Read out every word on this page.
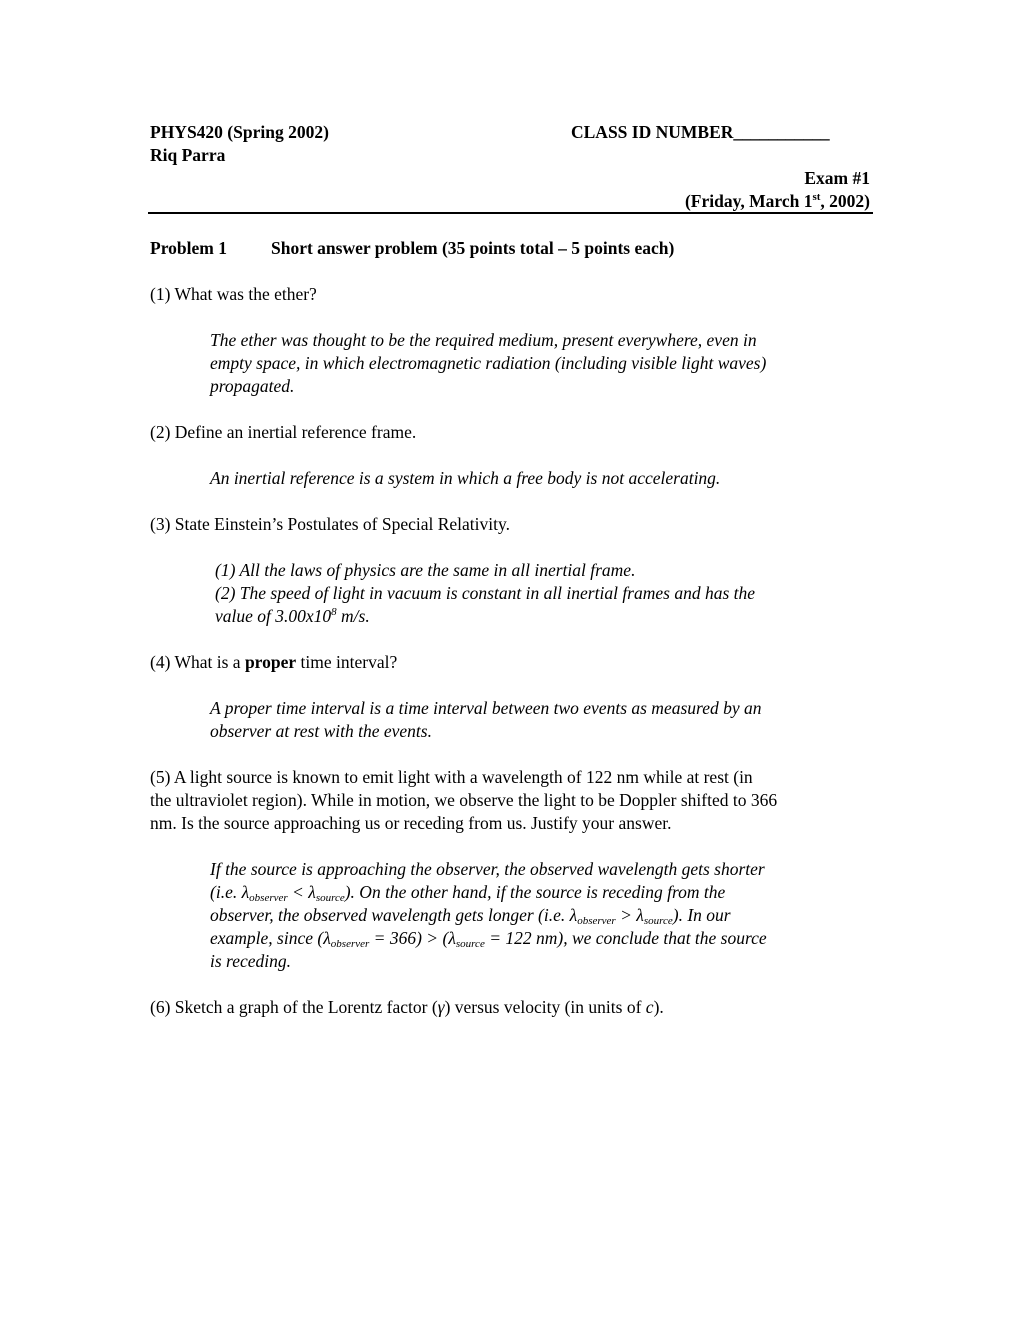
PHYS420 (Spring 2002)	CLASS ID NUMBER___________
Riq Parra
Exam #1
(Friday, March 1st, 2002)
Problem 1	Short answer problem (35 points total – 5 points each)
(1) What was the ether?
The ether was thought to be the required medium, present everywhere, even in
empty space, in which electromagnetic radiation (including visible light waves)
propagated.
(2) Define an inertial reference frame.
An inertial reference is a system in which a free body is not accelerating.
(3) State Einstein’s Postulates of Special Relativity.
(1) All the laws of physics are the same in all inertial frame.
(2) The speed of light in vacuum is constant in all inertial frames and has the
value of $3.00x10^8$ m/s.
(4) What is a proper time interval?
A proper time interval is a time interval between two events as measured by an
observer at rest with the events.
(5) A light source is known to emit light with a wavelength of 122 nm while at rest (in
the ultraviolet region). While in motion, we observe the light to be Doppler shifted to 366
nm. Is the source approaching us or receding from us. Justify your answer.
If the source is approaching the observer, the observed wavelength gets shorter
(i.e. $\lambda_{observer} < \lambda_{source}$). On the other hand, if the source is receding from the
observer, the observed wavelength gets longer (i.e. $\lambda_{observer} > \lambda_{source}$). In our
example, since $(\lambda_{observer} = 366) > (\lambda_{source} = 122$ nm), we conclude that the source
is receding.
(6) Sketch a graph of the Lorentz factor (γ) versus velocity (in units of c).
